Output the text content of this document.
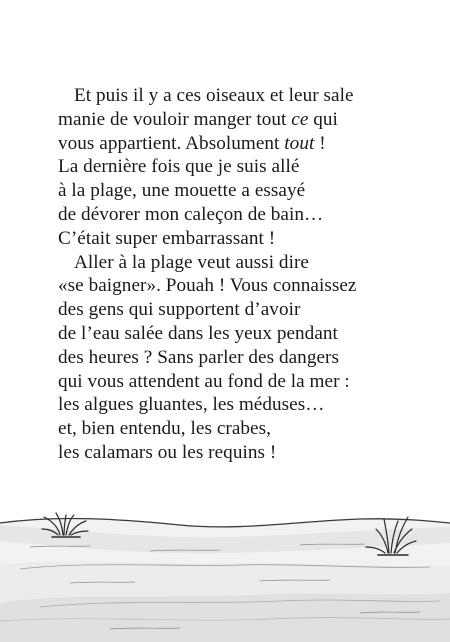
Et puis il y a ces oiseaux et leur sale
manie de vouloir manger tout ce qui
vous appartient. Absolument tout !
La dernière fois que je suis allé
à la plage, une mouette a essayé
de dévorer mon caleçon de bain…
C’était super embarrassant !
Aller à la plage veut aussi dire
«se baigner». Pouah ! Vous connaissez
des gens qui supportent d’avoir
de l’eau salée dans les yeux pendant
des heures ? Sans parler des dangers
qui vous attendent au fond de la mer :
les algues gluantes, les méduses…
et, bien entendu, les crabes,
les calamars ou les requins !
